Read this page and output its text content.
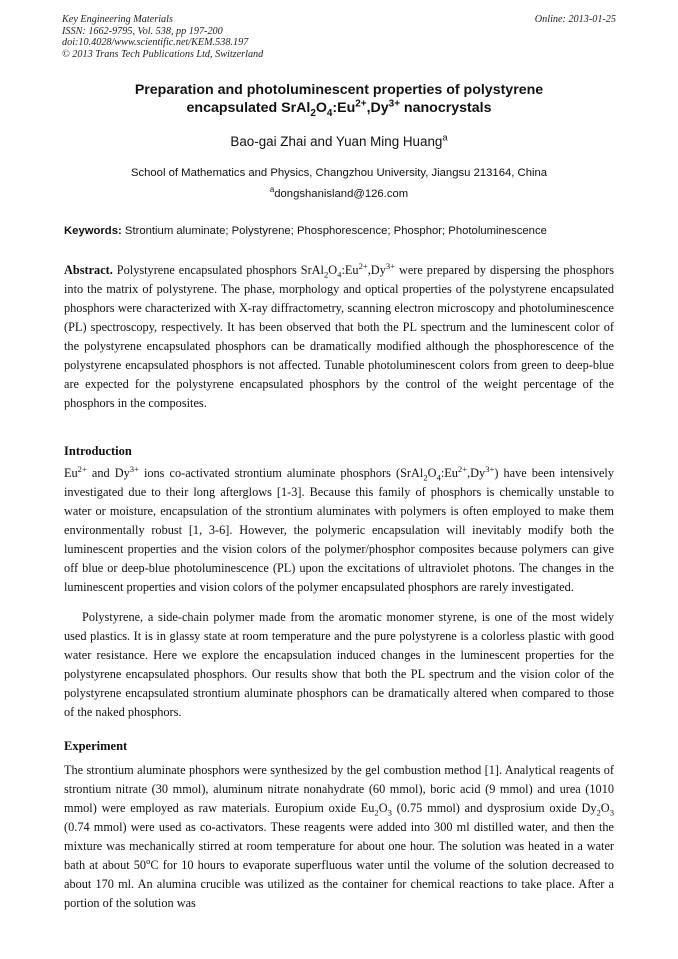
Key Engineering Materials
ISSN: 1662-9795, Vol. 538, pp 197-200
doi:10.4028/www.scientific.net/KEM.538.197
© 2013 Trans Tech Publications Ltd, Switzerland
Online: 2013-01-25
Preparation and photoluminescent properties of polystyrene
encapsulated $SrAl_2O_4:Eu^{2+},Dy^{3+}$ nanocrystals
Bao-gai Zhai and Yuan Ming Huang$^a$
School of Mathematics and Physics, Changzhou University, Jiangsu 213164, China
$^a$dongshanisland@126.com
Keywords: Strontium aluminate; Polystyrene; Phosphorescence; Phosphor; Photoluminescence
Abstract. Polystyrene encapsulated phosphors $SrAl_2O_4:Eu^{2+},Dy^{3+}$ were prepared by dispersing the phosphors into the matrix of polystyrene. The phase, morphology and optical properties of the polystyrene encapsulated phosphors were characterized with X-ray diffractometry, scanning electron microscopy and photoluminescence (PL) spectroscopy, respectively. It has been observed that both the PL spectrum and the luminescent color of the polystyrene encapsulated phosphors can be dramatically modified although the phosphorescence of the polystyrene encapsulated phosphors is not affected. Tunable photoluminescent colors from green to deep-blue are expected for the polystyrene encapsulated phosphors by the control of the weight percentage of the phosphors in the composites.
Introduction
$Eu^{2+}$ and $Dy^{3+}$ ions co-activated strontium aluminate phosphors $(SrAl_2O_4:Eu^{2+},Dy^{3+})$ have been intensively investigated due to their long afterglows [1-3]. Because this family of phosphors is chemically unstable to water or moisture, encapsulation of the strontium aluminates with polymers is often employed to make them environmentally robust [1, 3-6]. However, the polymeric encapsulation will inevitably modify both the luminescent properties and the vision colors of the polymer/phosphor composites because polymers can give off blue or deep-blue photoluminescence (PL) upon the excitations of ultraviolet photons. The changes in the luminescent properties and vision colors of the polymer encapsulated phosphors are rarely investigated.
Polystyrene, a side-chain polymer made from the aromatic monomer styrene, is one of the most widely used plastics. It is in glassy state at room temperature and the pure polystyrene is a colorless plastic with good water resistance. Here we explore the encapsulation induced changes in the luminescent properties for the polystyrene encapsulated phosphors. Our results show that both the PL spectrum and the vision color of the polystyrene encapsulated strontium aluminate phosphors can be dramatically altered when compared to those of the naked phosphors.
Experiment
The strontium aluminate phosphors were synthesized by the gel combustion method [1]. Analytical reagents of strontium nitrate (30 mmol), aluminum nitrate nonahydrate (60 mmol), boric acid (9 mmol) and urea (1010 mmol) were employed as raw materials. Europium oxide $Eu_2O_3$ (0.75 mmol) and dysprosium oxide $Dy_2O_3$ (0.74 mmol) were used as co-activators. These reagents were added into 300 ml distilled water, and then the mixture was mechanically stirred at room temperature for about one hour. The solution was heated in a water bath at about 50$^o$C for 10 hours to evaporate superfluous water until the volume of the solution decreased to about 170 ml. An alumina crucible was utilized as the container for chemical reactions to take place. After a portion of the solution was
